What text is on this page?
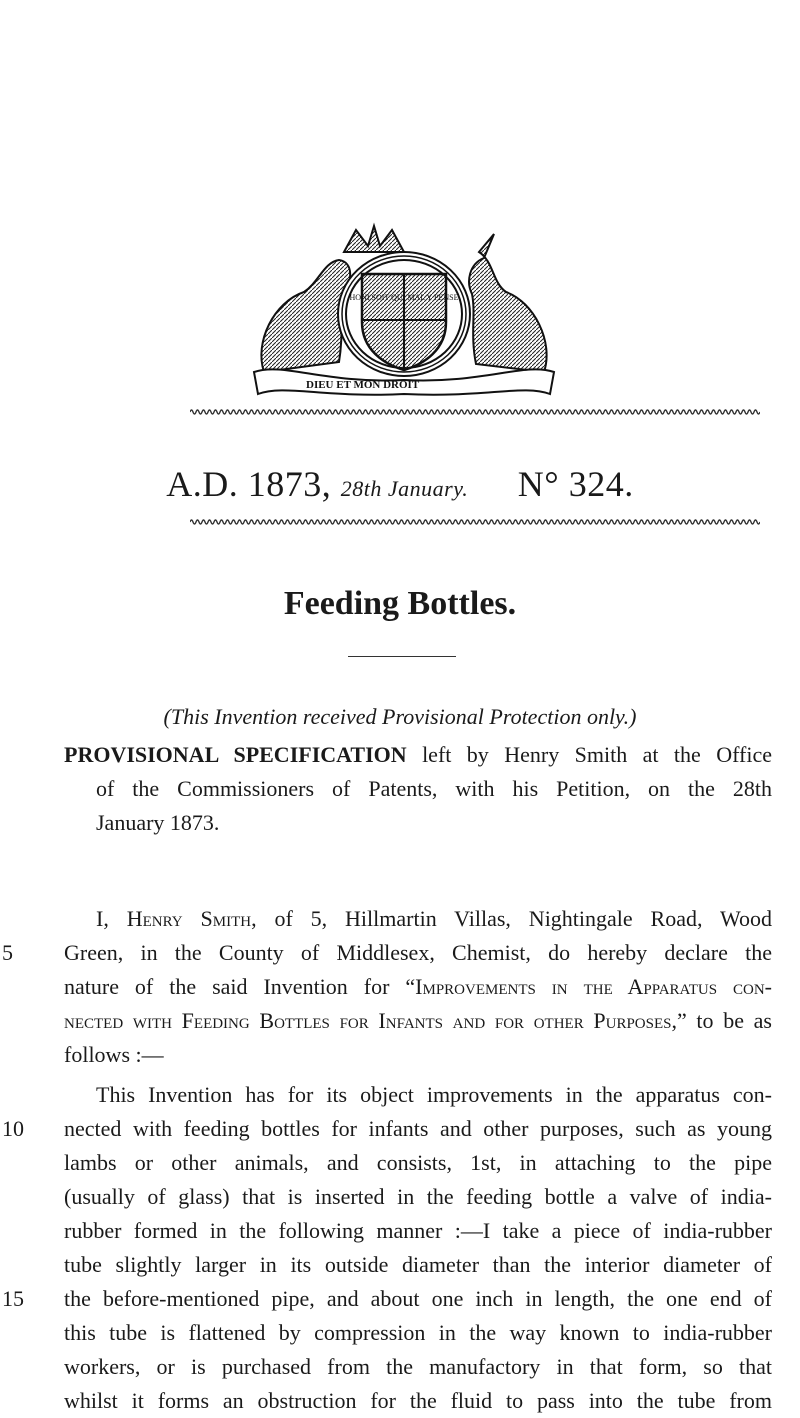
DIEU ET MON DROIT
HONI SOIT QUI MAL Y PENSE
A.D. 1873, 28th January. N° 324.
Feeding Bottles.
(This Invention received Provisional Protection only.)
PROVISIONAL SPECIFICATION left by Henry Smith at the Office
of the Commissioners of Patents, with his Petition, on the 28th
January 1873.
I, Henry Smith, of 5, Hillmartin Villas, Nightingale Road, Wood
5	Green, in the County of Middlesex, Chemist, do hereby declare the
nature of the said Invention for “Improvements in the Apparatus con-
nected with Feeding Bottles for Infants and for other Purposes,” to be as
follows :—
This Invention has for its object improvements in the apparatus con-
10	nected with feeding bottles for infants and other purposes, such as young
lambs or other animals, and consists, 1st, in attaching to the pipe
(usually of glass) that is inserted in the feeding bottle a valve of india-
rubber formed in the following manner :—I take a piece of india-rubber
tube slightly larger in its outside diameter than the interior diameter of
15	the before-mentioned pipe, and about one inch in length, the one end of
this tube is flattened by compression in the way known to india-rubber
workers, or is purchased from the manufactory in that form, so that
whilst it forms an obstruction for the fluid to pass into the tube from
